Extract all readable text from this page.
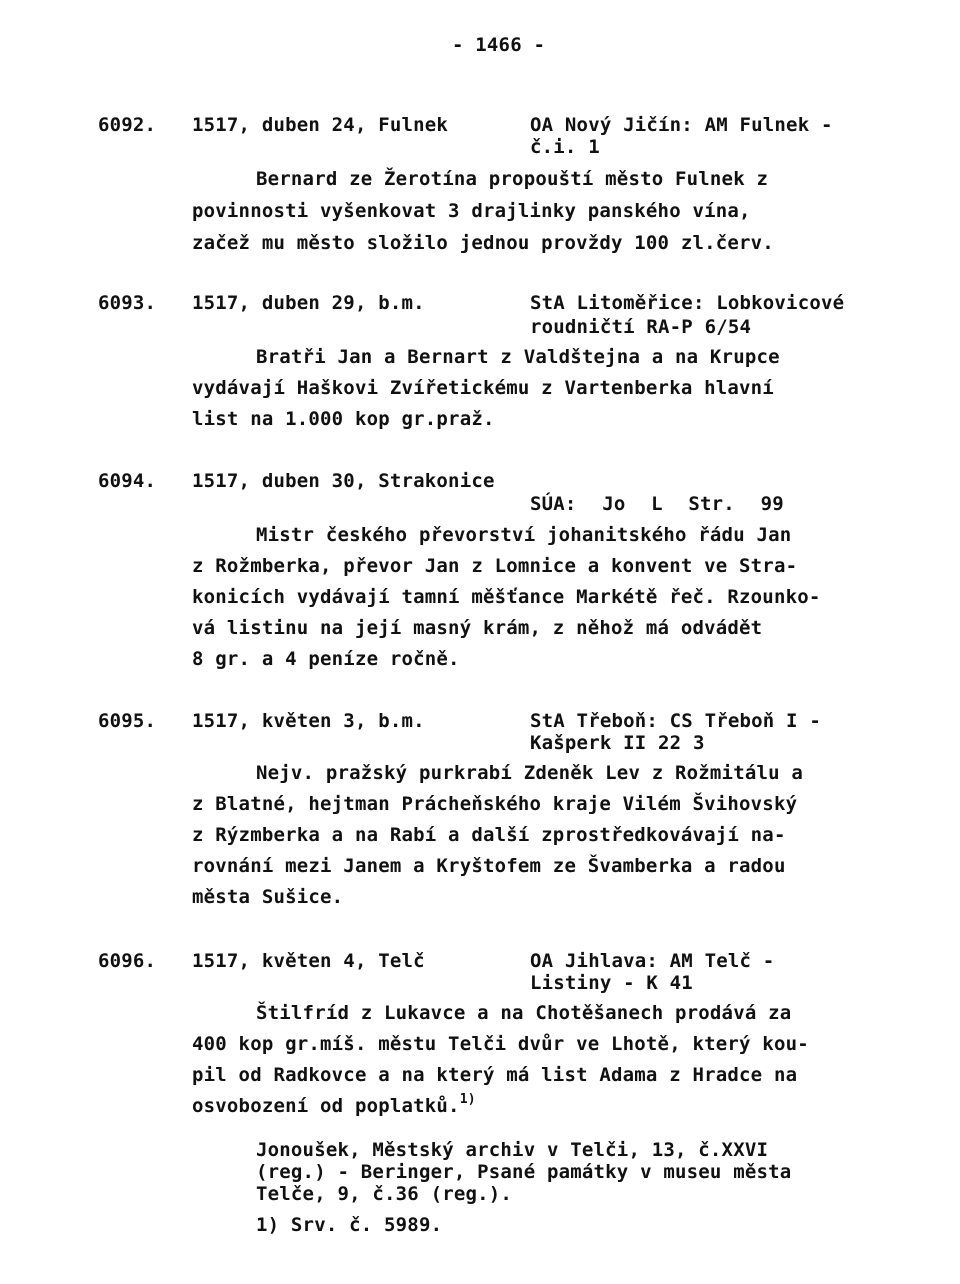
- 1466 -
6092. 1517, duben 24, Fulnek	OA Nový Jičín: AM Fulnek -
č.i. 1
Bernard ze Žerotína propouští město Fulnek z
povinnosti vyšenkovat 3 drajlinky panského vína,
začež mu město složilo jednou provždy 100 zl.červ.
6093. 1517, duben 29, b.m.	StA Litoměřice: Lobkovicové
roudničtí RA-P 6/54
Bratři Jan a Bernart z Valdštejna a na Krupce
vydávají Haškovi Zvířetickému z Vartenberka hlavní
list na 1.000 kop gr.praž.
6094. 1517, duben 30, Strakonice
SÚA: Jo L Str. 99
Mistr českého převorství johanitského řádu Jan
z Rožmberka, převor Jan z Lomnice a konvent ve Stra-
konicích vydávají tamní měšťance Markétě řeč. Rzounko-
vá listinu na její masný krám, z něhož má odvádět
8 gr. a 4 peníze ročně.
6095. 1517, květen 3, b.m.	StA Třeboň: CS Třeboň I -
Kašperk II 22 3
Nejv. pražský purkrabí Zdeněk Lev z Rožmitálu a
z Blatné, hejtman Prácheňského kraje Vilém Švihovský
z Rýzmberka a na Rabí a další zprostředkovávají na-
rovnání mezi Janem a Kryštofem ze Švamberka a radou
města Sušice.
6096. 1517, květen 4, Telč	OA Jihlava: AM Telč -
Listiny - K 41
Štilfríd z Lukavce a na Chotěšanech prodává za
400 kop gr.míš. městu Telči dvůr ve Lhotě, který kou-
pil od Radkovce a na který má list Adama z Hradce na
osvobození od poplatků.$^{1)}$
Jonoušek, Městský archiv v Telči, 13, č.XXVI
(reg.) - Beringer, Psané památky v museu města
Telče, 9, č.36 (reg.).
1) Srv. č. 5989.
